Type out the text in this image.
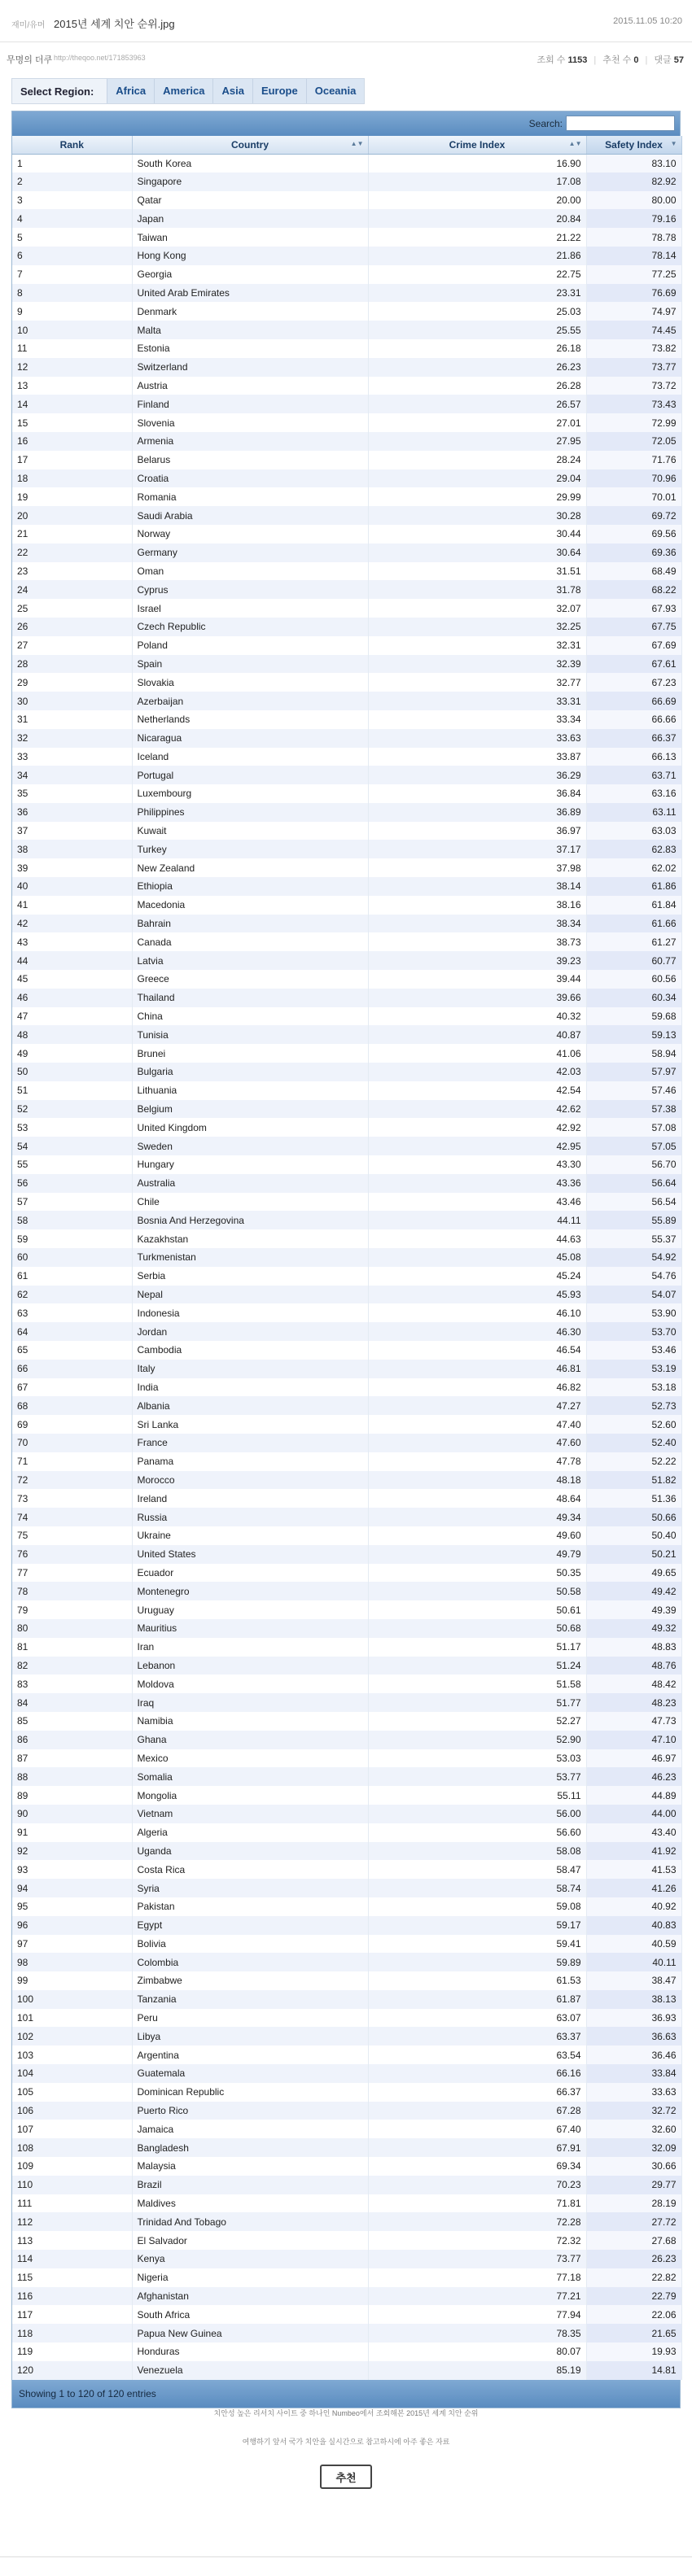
재미/유머 2015년 세계 치안 순위.jpg	2015.11.05 10:20
무명의 더쿠 http://theqoo.net/171853963	조회 수 1153 | 추천 수 0 | 댓글 57
Select Region:	Africa	America	Asia	Europe	Oceania
Search:
Rank	Country ▲▼	Crime Index ▲▼	Safety Index ▼

1	South Korea	16.90	83.10
2	Singapore	17.08	82.92
3	Qatar	20.00	80.00
4	Japan	20.84	79.16
5	Taiwan	21.22	78.78
6	Hong Kong	21.86	78.14
7	Georgia	22.75	77.25
8	United Arab Emirates	23.31	76.69
9	Denmark	25.03	74.97
10	Malta	25.55	74.45
11	Estonia	26.18	73.82
12	Switzerland	26.23	73.77
13	Austria	26.28	73.72
14	Finland	26.57	73.43
15	Slovenia	27.01	72.99
16	Armenia	27.95	72.05
17	Belarus	28.24	71.76
18	Croatia	29.04	70.96
19	Romania	29.99	70.01
20	Saudi Arabia	30.28	69.72
21	Norway	30.44	69.56
22	Germany	30.64	69.36
23	Oman	31.51	68.49
24	Cyprus	31.78	68.22
25	Israel	32.07	67.93
26	Czech Republic	32.25	67.75
27	Poland	32.31	67.69
28	Spain	32.39	67.61
29	Slovakia	32.77	67.23
30	Azerbaijan	33.31	66.69
31	Netherlands	33.34	66.66
32	Nicaragua	33.63	66.37
33	Iceland	33.87	66.13
34	Portugal	36.29	63.71
35	Luxembourg	36.84	63.16
36	Philippines	36.89	63.11
37	Kuwait	36.97	63.03
38	Turkey	37.17	62.83
39	New Zealand	37.98	62.02
40	Ethiopia	38.14	61.86
41	Macedonia	38.16	61.84
42	Bahrain	38.34	61.66
43	Canada	38.73	61.27
44	Latvia	39.23	60.77
45	Greece	39.44	60.56
46	Thailand	39.66	60.34
47	China	40.32	59.68
48	Tunisia	40.87	59.13
49	Brunei	41.06	58.94
50	Bulgaria	42.03	57.97
51	Lithuania	42.54	57.46
52	Belgium	42.62	57.38
53	United Kingdom	42.92	57.08
54	Sweden	42.95	57.05
55	Hungary	43.30	56.70
56	Australia	43.36	56.64
57	Chile	43.46	56.54
58	Bosnia And Herzegovina	44.11	55.89
59	Kazakhstan	44.63	55.37
60	Turkmenistan	45.08	54.92
61	Serbia	45.24	54.76
62	Nepal	45.93	54.07
63	Indonesia	46.10	53.90
64	Jordan	46.30	53.70
65	Cambodia	46.54	53.46
66	Italy	46.81	53.19
67	India	46.82	53.18
68	Albania	47.27	52.73
69	Sri Lanka	47.40	52.60
70	France	47.60	52.40
71	Panama	47.78	52.22
72	Morocco	48.18	51.82
73	Ireland	48.64	51.36
74	Russia	49.34	50.66
75	Ukraine	49.60	50.40
76	United States	49.79	50.21
77	Ecuador	50.35	49.65
78	Montenegro	50.58	49.42
79	Uruguay	50.61	49.39
80	Mauritius	50.68	49.32
81	Iran	51.17	48.83
82	Lebanon	51.24	48.76
83	Moldova	51.58	48.42
84	Iraq	51.77	48.23
85	Namibia	52.27	47.73
86	Ghana	52.90	47.10
87	Mexico	53.03	46.97
88	Somalia	53.77	46.23
89	Mongolia	55.11	44.89
90	Vietnam	56.00	44.00
91	Algeria	56.60	43.40
92	Uganda	58.08	41.92
93	Costa Rica	58.47	41.53
94	Syria	58.74	41.26
95	Pakistan	59.08	40.92
96	Egypt	59.17	40.83
97	Bolivia	59.41	40.59
98	Colombia	59.89	40.11
99	Zimbabwe	61.53	38.47
100	Tanzania	61.87	38.13
101	Peru	63.07	36.93
102	Libya	63.37	36.63
103	Argentina	63.54	36.46
104	Guatemala	66.16	33.84
105	Dominican Republic	66.37	33.63
106	Puerto Rico	67.28	32.72
107	Jamaica	67.40	32.60
108	Bangladesh	67.91	32.09
109	Malaysia	69.34	30.66
110	Brazil	70.23	29.77
111	Maldives	71.81	28.19
112	Trinidad And Tobago	72.28	27.72
113	El Salvador	72.32	27.68
114	Kenya	73.77	26.23
115	Nigeria	77.18	22.82
116	Afghanistan	77.21	22.79
117	South Africa	77.94	22.06
118	Papua New Guinea	78.35	21.65
119	Honduras	80.07	19.93
120	Venezuela	85.19	14.81
Showing 1 to 120 of 120 entries
치안성 높은 리서치 사이트 중 하나인 Numbeo에서 조회해본 2015년 세계 치안 순위
여행하기 앞서 국가 치안을 실시간으로 참고하시에 아주 좋은 자료
추천
